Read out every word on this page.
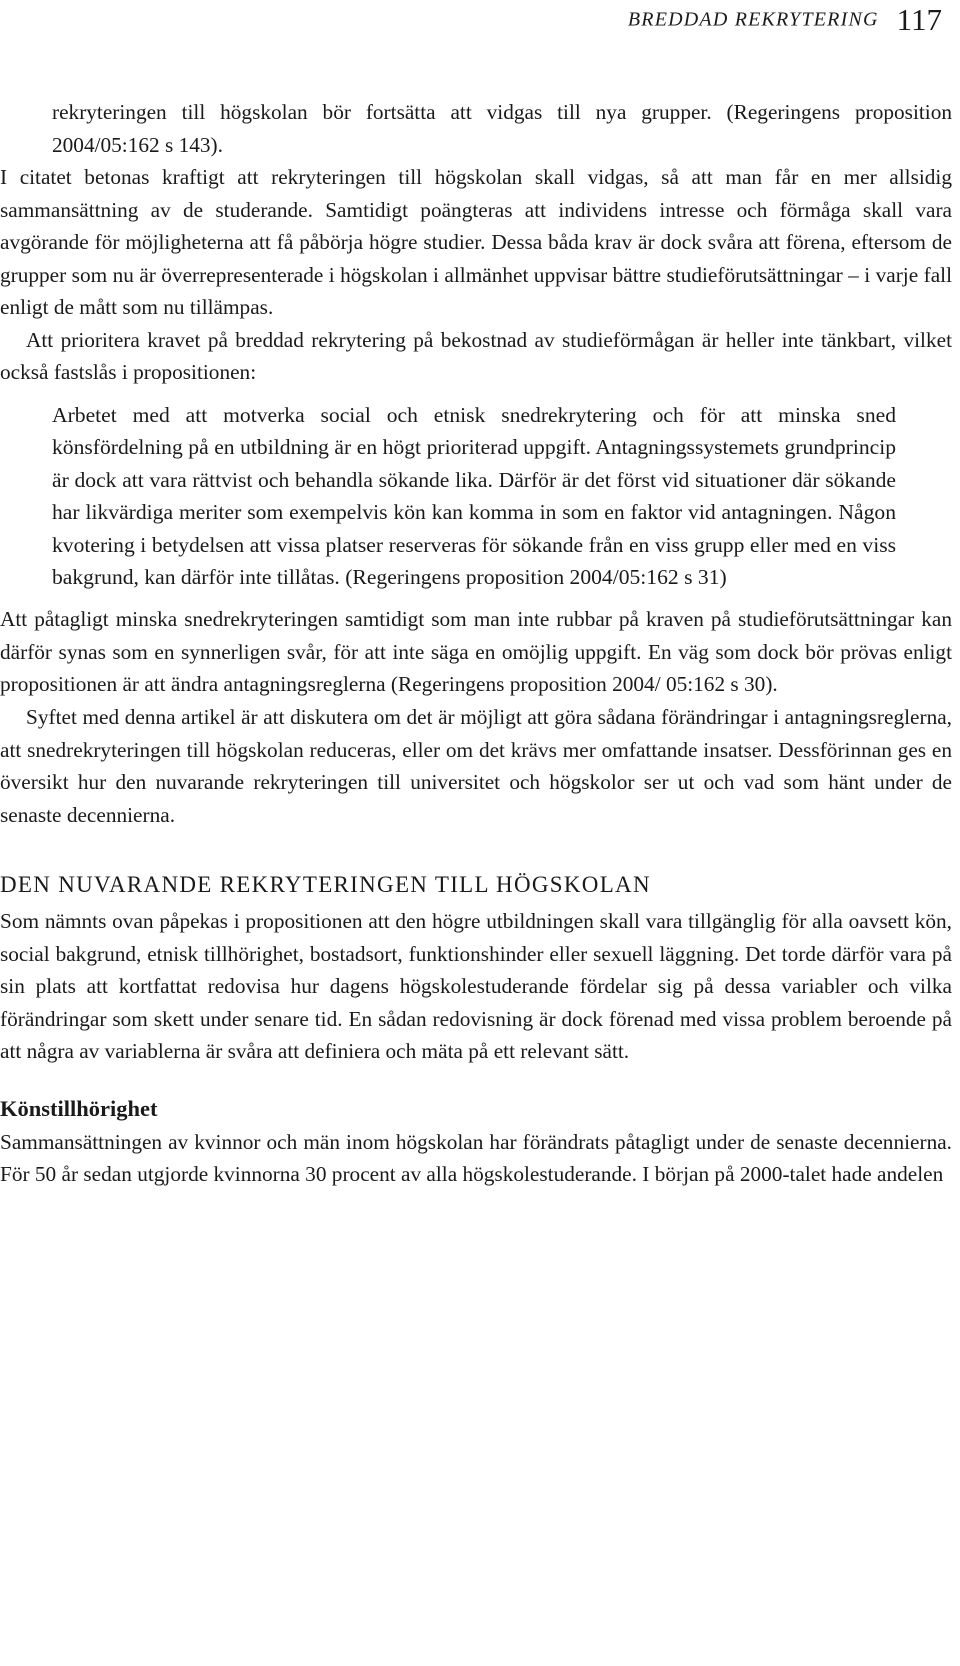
BREDDAD REKRYTERING 117

rekryteringen till högskolan bör fortsätta att vidgas till nya grupper. (Regeringens proposition 2004/05:162 s 143).

I citatet betonas kraftigt att rekryteringen till högskolan skall vidgas, så att man får en mer allsidig sammansättning av de studerande. Samtidigt poängteras att individens intresse och förmåga skall vara avgörande för möjligheterna att få påbörja högre studier. Dessa båda krav är dock svåra att förena, eftersom de grupper som nu är överrepresenterade i högskolan i allmänhet uppvisar bättre studieförutsättningar – i varje fall enligt de mått som nu tillämpas.

Att prioritera kravet på breddad rekrytering på bekostnad av studieförmågan är heller inte tänkbart, vilket också fastslås i propositionen:

Arbetet med att motverka social och etnisk snedrekrytering och för att minska sned könsfördelning på en utbildning är en högt prioriterad uppgift. Antagningssystemets grundprincip är dock att vara rättvist och behandla sökande lika. Därför är det först vid situationer där sökande har likvärdiga meriter som exempelvis kön kan komma in som en faktor vid antagningen. Någon kvotering i betydelsen att vissa platser reserveras för sökande från en viss grupp eller med en viss bakgrund, kan därför inte tillåtas. (Regeringens proposition 2004/05:162 s 31)

Att påtagligt minska snedrekryteringen samtidigt som man inte rubbar på kraven på studieförutsättningar kan därför synas som en synnerligen svår, för att inte säga en omöjlig uppgift. En väg som dock bör prövas enligt propositionen är att ändra antagningsreglerna (Regeringens proposition 2004/ 05:162 s 30).

Syftet med denna artikel är att diskutera om det är möjligt att göra sådana förändringar i antagningsreglerna, att snedrekryteringen till högskolan reduceras, eller om det krävs mer omfattande insatser. Dessförinnan ges en översikt hur den nuvarande rekryteringen till universitet och högskolor ser ut och vad som hänt under de senaste decennierna.

DEN NUVARANDE REKRYTERINGEN TILL HÖGSKOLAN

Som nämnts ovan påpekas i propositionen att den högre utbildningen skall vara tillgänglig för alla oavsett kön, social bakgrund, etnisk tillhörighet, bostadsort, funktionshinder eller sexuell läggning. Det torde därför vara på sin plats att kortfattat redovisa hur dagens högskolestuderande fördelar sig på dessa variabler och vilka förändringar som skett under senare tid. En sådan redovisning är dock förenad med vissa problem beroende på att några av variablerna är svåra att definiera och mäta på ett relevant sätt.

Könstillhörighet

Sammansättningen av kvinnor och män inom högskolan har förändrats påtagligt under de senaste decennierna. För 50 år sedan utgjorde kvinnorna 30 procent av alla högskolestuderande. I början på 2000-talet hade andelen
